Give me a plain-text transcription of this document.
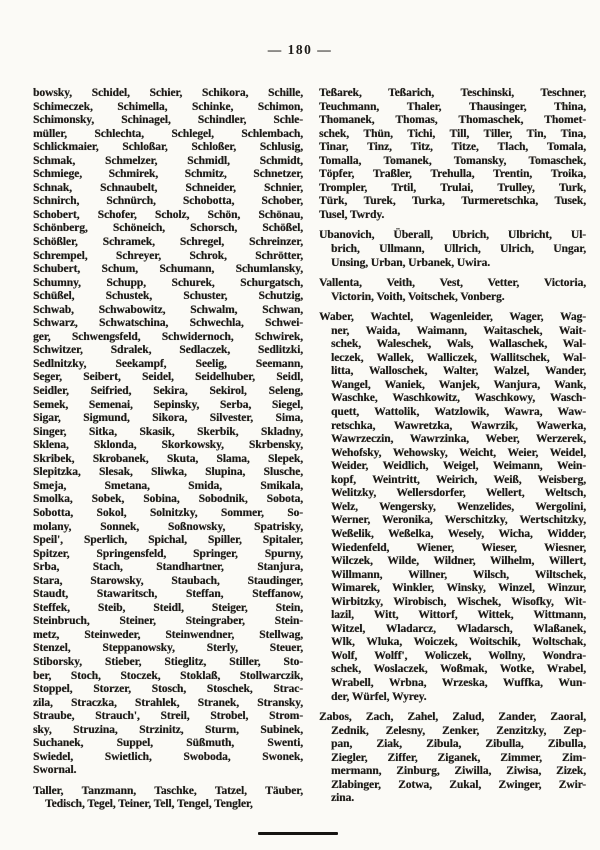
— 180 —
bowsky, Schidel, Schier, Schikora, Schille,
Schimeczek, Schimella, Schinke, Schimon,
Schimonsky, Schinagel, Schindler, Schle-
müller, Schlechta, Schlegel, Schlembach,
Schlickmaier, Schloßar, Schloßer, Schlusig,
Schmak, Schmelzer, Schmidl, Schmidt,
Schmiege, Schmirek, Schmitz, Schnetzer,
Schnak, Schnaubelt, Schneider, Schnier,
Schnirch, Schnürch, Schobotta, Schober,
Schobert, Schofer, Scholz, Schön, Schönau,
Schönberg, Schöneich, Schorsch, Schößel,
Schößler, Schramek, Schregel, Schreinzer,
Schrempel, Schreyer, Schrok, Schrötter,
Schubert, Schum, Schumann, Schumlansky,
Schumny, Schupp, Schurek, Schurgatsch,
Schüßel, Schustek, Schuster, Schutzig,
Schwab, Schwabowitz, Schwalm, Schwan,
Schwarz, Schwatschina, Schwechla, Schwei-
ger, Schwengsfeld, Schwidernoch, Schwirek,
Schwitzer, Sdralek, Sedlaczek, Sedlitzki,
Sedlnitzky, Seekampf, Seelig, Seemann,
Seger, Seibert, Seidel, Seidelhuber, Seidl,
Seidler, Seifried, Sekira, Sekirol, Seleng,
Semek, Semenai, Sepinsky, Serba, Siegel,
Sigar, Sigmund, Sikora, Silvester, Sima,
Singer, Sitka, Skasik, Skerbik, Skladny,
Sklena, Sklonda, Skorkowsky, Skrbensky,
Skribek, Skrobanek, Skuta, Slama, Slepek,
Slepitzka, Slesak, Sliwka, Slupina, Slusche,
Smeja, Smetana, Smida, Smikala,
Smolka, Sobek, Sobina, Sobodnik, Sobota,
Sobotta, Sokol, Solnitzky, Sommer, So-
molany, Sonnek, Soßnowsky, Spatrisky,
Speil', Sperlich, Spichal, Spiller, Spitaler,
Spitzer, Springensfeld, Springer, Spurny,
Srba, Stach, Standhartner, Stanjura,
Stara, Starowsky, Staubach, Staudinger,
Staudt, Stawaritsch, Steffan, Steffanow,
Steffek, Steib, Steidl, Steiger, Stein,
Steinbruch, Steiner, Steingraber, Stein-
metz, Steinweder, Steinwendner, Stellwag,
Stenzel, Steppanowsky, Sterly, Steuer,
Stiborsky, Stieber, Stieglitz, Stiller, Sto-
ber, Stoch, Stoczek, Stoklaß, Stollwarczik,
Stoppel, Storzer, Stosch, Stoschek, Strac-
zila, Straczka, Strahlek, Stranek, Stransky,
Straube, Strauch', Streil, Strobel, Strom-
sky, Struzina, Strzinitz, Sturm, Subinek,
Suchanek, Suppel, Süßmuth, Swenti,
Swiedel, Swietlich, Swoboda, Swonek,
Swornal.
Taller, Tanzmann, Taschke, Tatzel, Täuber,
Tedisch, Tegel, Teiner, Tell, Tengel, Tengler,
Teßarek, Teßarich, Teschinski, Teschner,
Teuchmann, Thaler, Thausinger, Thina,
Thomanek, Thomas, Thomaschek, Thomet-
schek, Thün, Tichi, Till, Tiller, Tin, Tina,
Tinar, Tinz, Titz, Titze, Tlach, Tomala,
Tomalla, Tomanek, Tomansky, Tomaschek,
Töpfer, Traßler, Trehulla, Trentin, Troika,
Trompler, Trtil, Trulai, Trulley, Turk,
Türk, Turek, Turka, Turmeretschka, Tusek,
Tusel, Twrdy.
Ubanovich, Überall, Ubrich, Ulbricht, Ul-
brich, Ullmann, Ullrich, Ulrich, Ungar,
Unsing, Urban, Urbanek, Uwira.
Vallenta, Veith, Vest, Vetter, Victoria,
Victorin, Voith, Voitschek, Vonberg.
Waber, Wachtel, Wagenleider, Wager, Wag-
ner, Waida, Waimann, Waitaschek, Wait-
schek, Waleschek, Wals, Wallaschek, Wal-
leczek, Wallek, Walliczek, Wallitschek, Wal-
litta, Walloschek, Walter, Walzel, Wander,
Wangel, Waniek, Wanjek, Wanjura, Wank,
Waschke, Waschkowitz, Waschkowy, Wasch-
quett, Wattolik, Watzlowik, Wawra, Waw-
retschka, Wawretzka, Wawrzik, Wawerka,
Wawrzeczin, Wawrzinka, Weber, Werzerek,
Wehofsky, Wehowsky, Weicht, Weier, Weidel,
Weider, Weidlich, Weigel, Weimann, Wein-
kopf, Weintritt, Weirich, Weiß, Weisberg,
Welitzky, Wellersdorfer, Wellert, Weltsch,
Welz, Wengersky, Wenzelides, Wergolini,
Werner, Weronika, Werschitzky, Wertschitzky,
Weßelik, Weßelka, Wesely, Wicha, Widder,
Wiedenfeld, Wiener, Wieser, Wiesner,
Wilczek, Wilde, Wildner, Wilhelm, Willert,
Willmann, Willner, Wilsch, Wiltschek,
Wimarek, Winkler, Winsky, Winzel, Winzur,
Wirbitzky, Wirobisch, Wischek, Wisofky, Wit-
lazil, Witt, Wittorf, Wittek, Wittmann,
Witzel, Wladarcz, Wladarsch, Wlaßanek,
Wlk, Wluka, Woiczek, Woitschik, Woltschak,
Wolf, Wolff', Woliczek, Wollny, Wondra-
schek, Woslaczek, Woßmak, Wotke, Wrabel,
Wrabell, Wrbna, Wrzeska, Wuffka, Wun-
der, Würfel, Wyrey.
Zabos, Zach, Zahel, Zalud, Zander, Zaoral,
Zednik, Zelesny, Zenker, Zenzitzky, Zep-
pan, Ziak, Zibula, Zibulla, Zibulla,
Ziegler, Ziffer, Ziganek, Zimmer, Zim-
mermann, Zinburg, Ziwilla, Ziwisa, Zizek,
Zlabinger, Zotwa, Zukal, Zwinger, Zwir-
zina.
